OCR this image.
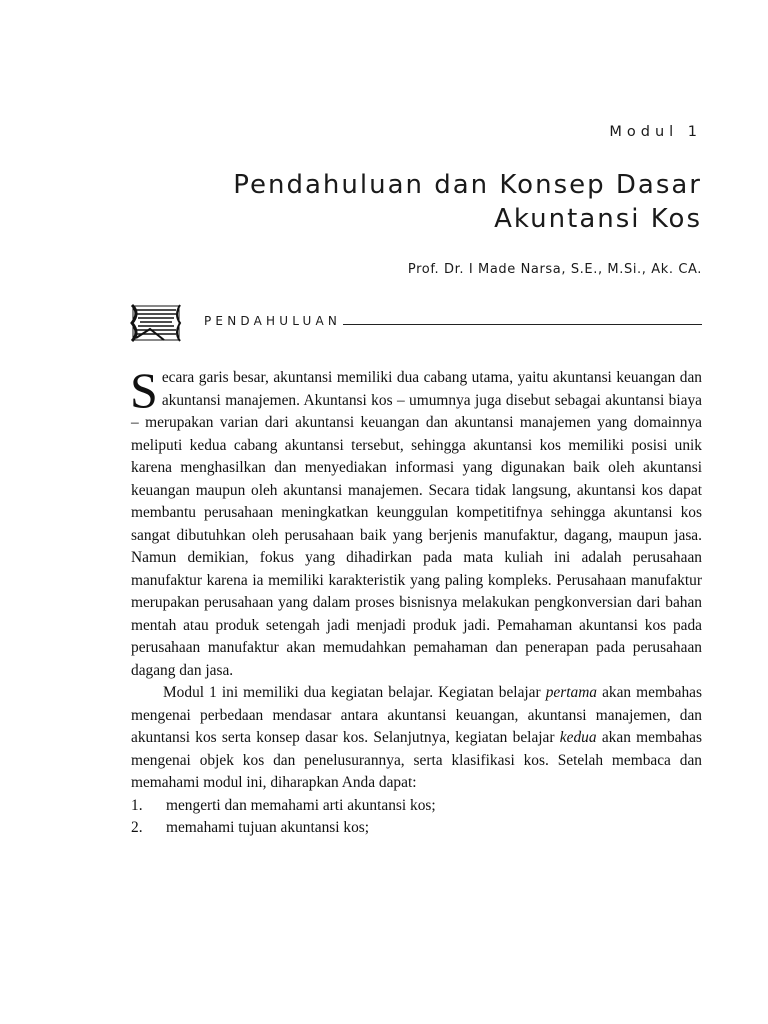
Modul 1
Pendahuluan dan Konsep Dasar
Akuntansi Kos
Prof. Dr. I Made Narsa, S.E., M.Si., Ak. CA.
PENDAHULUAN

Secara garis besar, akuntansi memiliki dua cabang utama, yaitu akuntansi keuangan dan akuntansi manajemen. Akuntansi kos – umumnya juga disebut sebagai akuntansi biaya – merupakan varian dari akuntansi keuangan dan akuntansi manajemen yang domainnya meliputi kedua cabang akuntansi tersebut, sehingga akuntansi kos memiliki posisi unik karena menghasilkan dan menyediakan informasi yang digunakan baik oleh akuntansi keuangan maupun oleh akuntansi manajemen. Secara tidak langsung, akuntansi kos dapat membantu perusahaan meningkatkan keunggulan kompetitifnya sehingga akuntansi kos sangat dibutuhkan oleh perusahaan baik yang berjenis manufaktur, dagang, maupun jasa. Namun demikian, fokus yang dihadirkan pada mata kuliah ini adalah perusahaan manufaktur karena ia memiliki karakteristik yang paling kompleks. Perusahaan manufaktur merupakan perusahaan yang dalam proses bisnisnya melakukan pengkonversian dari bahan mentah atau produk setengah jadi menjadi produk jadi. Pemahaman akuntansi kos pada perusahaan manufaktur akan memudahkan pemahaman dan penerapan pada perusahaan dagang dan jasa.

Modul 1 ini memiliki dua kegiatan belajar. Kegiatan belajar pertama akan membahas mengenai perbedaan mendasar antara akuntansi keuangan, akuntansi manajemen, dan akuntansi kos serta konsep dasar kos. Selanjutnya, kegiatan belajar kedua akan membahas mengenai objek kos dan penelusurannya, serta klasifikasi kos. Setelah membaca dan memahami modul ini, diharapkan Anda dapat:

1.	mengerti dan memahami arti akuntansi kos;
2.	memahami tujuan akuntansi kos;
